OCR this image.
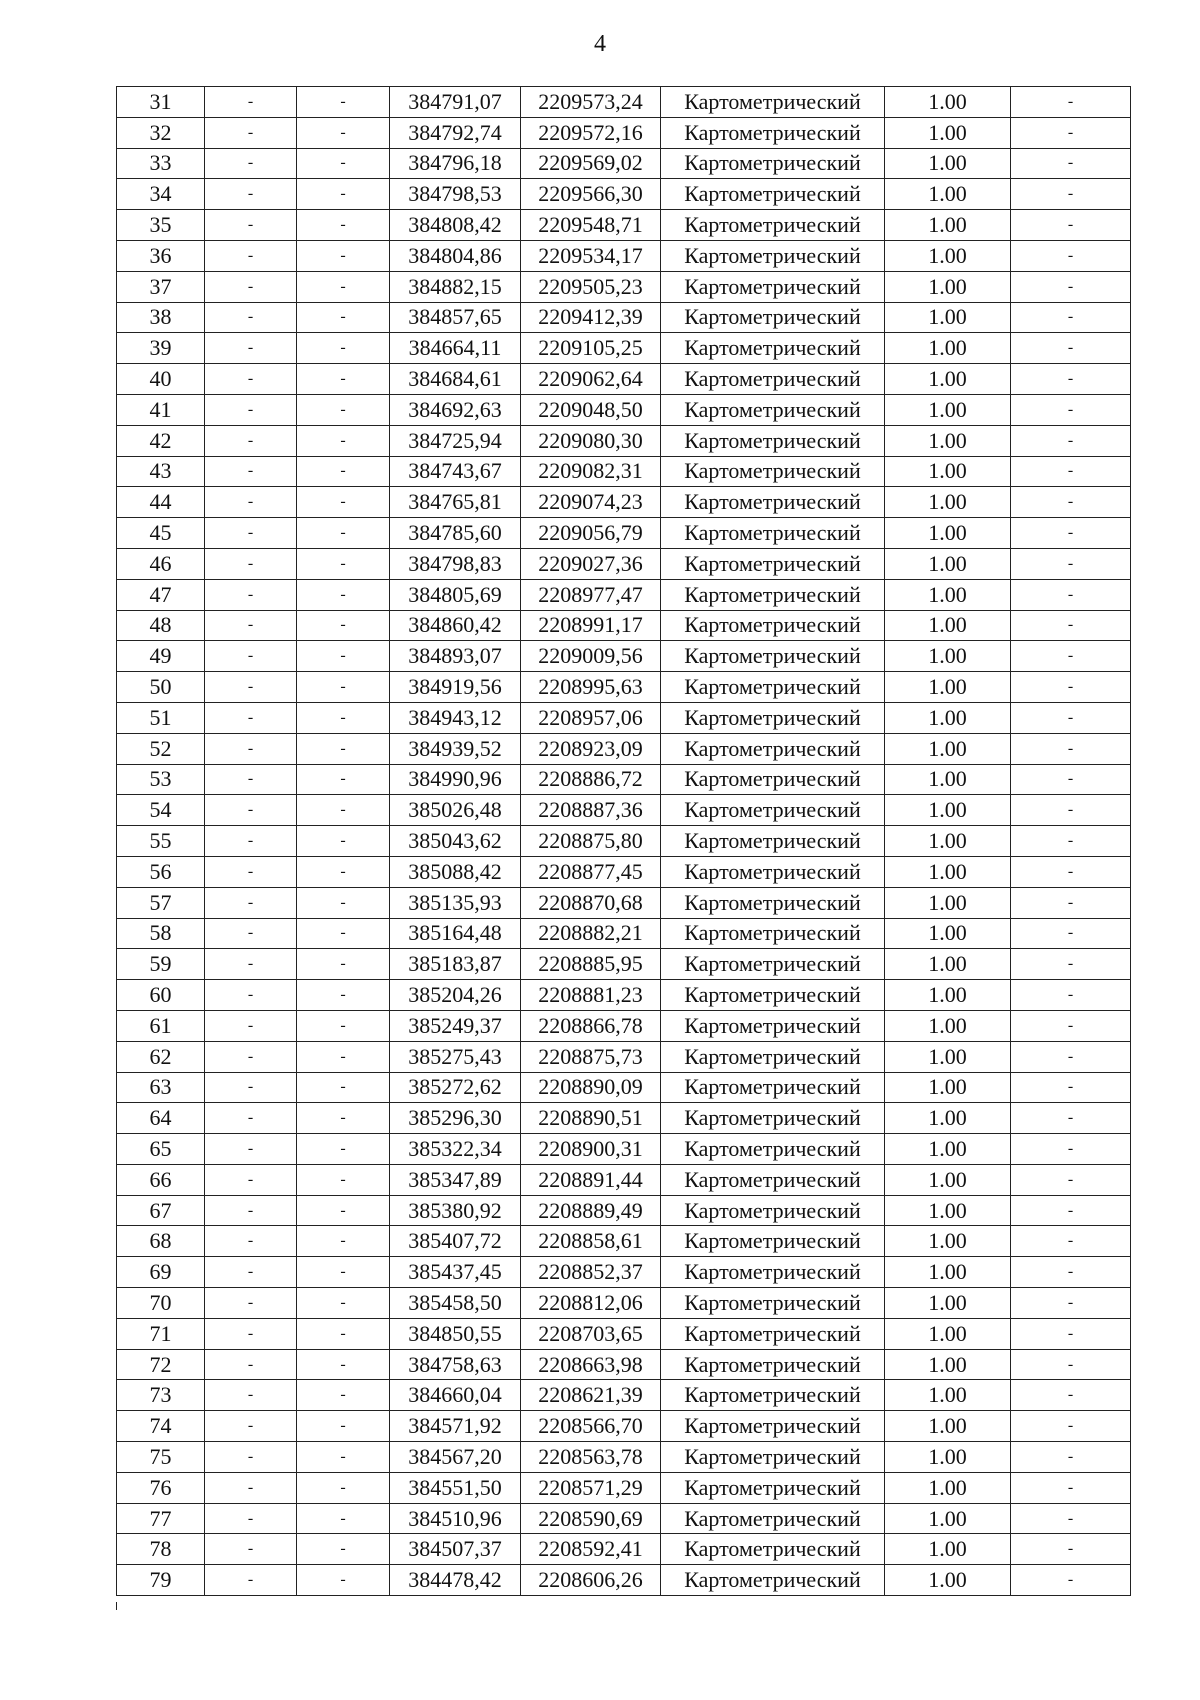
4
31	-	-	384791,07	2209573,24	Картометрический	1.00	-
32	-	-	384792,74	2209572,16	Картометрический	1.00	-
33	-	-	384796,18	2209569,02	Картометрический	1.00	-
34	-	-	384798,53	2209566,30	Картометрический	1.00	-
35	-	-	384808,42	2209548,71	Картометрический	1.00	-
36	-	-	384804,86	2209534,17	Картометрический	1.00	-
37	-	-	384882,15	2209505,23	Картометрический	1.00	-
38	-	-	384857,65	2209412,39	Картометрический	1.00	-
39	-	-	384664,11	2209105,25	Картометрический	1.00	-
40	-	-	384684,61	2209062,64	Картометрический	1.00	-
41	-	-	384692,63	2209048,50	Картометрический	1.00	-
42	-	-	384725,94	2209080,30	Картометрический	1.00	-
43	-	-	384743,67	2209082,31	Картометрический	1.00	-
44	-	-	384765,81	2209074,23	Картометрический	1.00	-
45	-	-	384785,60	2209056,79	Картометрический	1.00	-
46	-	-	384798,83	2209027,36	Картометрический	1.00	-
47	-	-	384805,69	2208977,47	Картометрический	1.00	-
48	-	-	384860,42	2208991,17	Картометрический	1.00	-
49	-	-	384893,07	2209009,56	Картометрический	1.00	-
50	-	-	384919,56	2208995,63	Картометрический	1.00	-
51	-	-	384943,12	2208957,06	Картометрический	1.00	-
52	-	-	384939,52	2208923,09	Картометрический	1.00	-
53	-	-	384990,96	2208886,72	Картометрический	1.00	-
54	-	-	385026,48	2208887,36	Картометрический	1.00	-
55	-	-	385043,62	2208875,80	Картометрический	1.00	-
56	-	-	385088,42	2208877,45	Картометрический	1.00	-
57	-	-	385135,93	2208870,68	Картометрический	1.00	-
58	-	-	385164,48	2208882,21	Картометрический	1.00	-
59	-	-	385183,87	2208885,95	Картометрический	1.00	-
60	-	-	385204,26	2208881,23	Картометрический	1.00	-
61	-	-	385249,37	2208866,78	Картометрический	1.00	-
62	-	-	385275,43	2208875,73	Картометрический	1.00	-
63	-	-	385272,62	2208890,09	Картометрический	1.00	-
64	-	-	385296,30	2208890,51	Картометрический	1.00	-
65	-	-	385322,34	2208900,31	Картометрический	1.00	-
66	-	-	385347,89	2208891,44	Картометрический	1.00	-
67	-	-	385380,92	2208889,49	Картометрический	1.00	-
68	-	-	385407,72	2208858,61	Картометрический	1.00	-
69	-	-	385437,45	2208852,37	Картометрический	1.00	-
70	-	-	385458,50	2208812,06	Картометрический	1.00	-
71	-	-	384850,55	2208703,65	Картометрический	1.00	-
72	-	-	384758,63	2208663,98	Картометрический	1.00	-
73	-	-	384660,04	2208621,39	Картометрический	1.00	-
74	-	-	384571,92	2208566,70	Картометрический	1.00	-
75	-	-	384567,20	2208563,78	Картометрический	1.00	-
76	-	-	384551,50	2208571,29	Картометрический	1.00	-
77	-	-	384510,96	2208590,69	Картометрический	1.00	-
78	-	-	384507,37	2208592,41	Картометрический	1.00	-
79	-	-	384478,42	2208606,26	Картометрический	1.00	-
